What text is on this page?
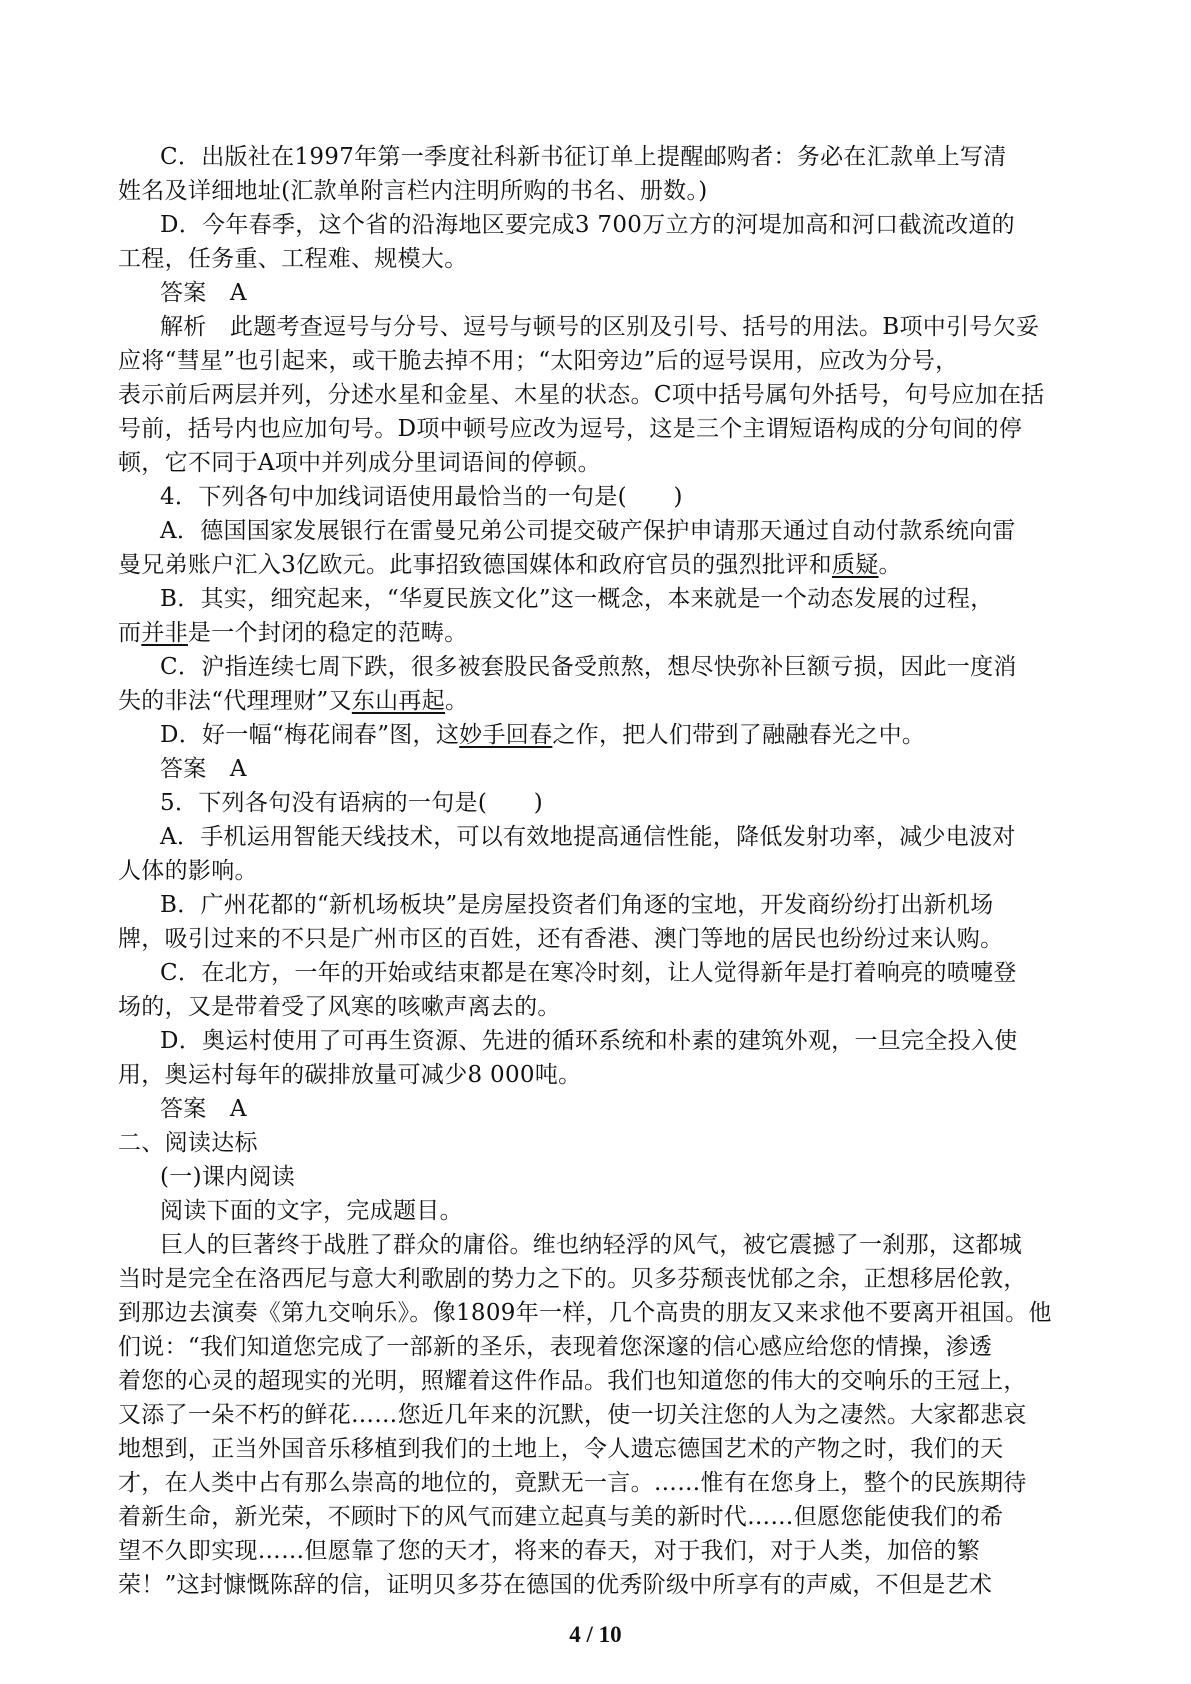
C．出版社在1997年第一季度社科新书征订单上提醒邮购者：务必在汇款单上写清
姓名及详细地址(汇款单附言栏内注明所购的书名、册数。)
D．今年春季，这个省的沿海地区要完成3 700万立方的河堤加高和河口截流改道的
工程，任务重、工程难、规模大。
答案　A
解析　此题考查逗号与分号、逗号与顿号的区别及引号、括号的用法。B项中引号欠妥
应将“彗星”也引起来，或干脆去掉不用；“太阳旁边”后的逗号误用，应改为分号，
表示前后两层并列，分述水星和金星、木星的状态。C项中括号属句外括号，句号应加在括
号前，括号内也应加句号。D项中顿号应改为逗号，这是三个主谓短语构成的分句间的停
顿，它不同于A项中并列成分里词语间的停顿。
4．下列各句中加线词语使用最恰当的一句是(　　)
A．德国国家发展银行在雷曼兄弟公司提交破产保护申请那天通过自动付款系统向雷
曼兄弟账户汇入3亿欧元。此事招致德国媒体和政府官员的强烈批评和质疑。
B．其实，细究起来，“华夏民族文化”这一概念，本来就是一个动态发展的过程，
而并非是一个封闭的稳定的范畴。
C．沪指连续七周下跌，很多被套股民备受煎熬，想尽快弥补巨额亏损，因此一度消
失的非法“代理理财”又东山再起。
D．好一幅“梅花闹春”图，这妙手回春之作，把人们带到了融融春光之中。
答案　A
5．下列各句没有语病的一句是(　　)
A．手机运用智能天线技术，可以有效地提高通信性能，降低发射功率，减少电波对
人体的影响。
B．广州花都的“新机场板块”是房屋投资者们角逐的宝地，开发商纷纷打出新机场
牌，吸引过来的不只是广州市区的百姓，还有香港、澳门等地的居民也纷纷过来认购。
C．在北方，一年的开始或结束都是在寒冷时刻，让人觉得新年是打着响亮的喷嚏登
场的，又是带着受了风寒的咳嗽声离去的。
D．奥运村使用了可再生资源、先进的循环系统和朴素的建筑外观，一旦完全投入使
用，奥运村每年的碳排放量可减少8 000吨。
答案　A
二、阅读达标
(一)课内阅读
阅读下面的文字，完成题目。
巨人的巨著终于战胜了群众的庸俗。维也纳轻浮的风气，被它震撼了一刹那，这都城
当时是完全在洛西尼与意大利歌剧的势力之下的。贝多芬颓丧忧郁之余，正想移居伦敦，
到那边去演奏《第九交响乐》。像1809年一样，几个高贵的朋友又来求他不要离开祖国。他
们说：“我们知道您完成了一部新的圣乐，表现着您深邃的信心感应给您的情操，渗透
着您的心灵的超现实的光明，照耀着这件作品。我们也知道您的伟大的交响乐的王冠上，
又添了一朵不朽的鲜花……您近几年来的沉默，使一切关注您的人为之凄然。大家都悲哀
地想到，正当外国音乐移植到我们的土地上，令人遗忘德国艺术的产物之时，我们的天
才，在人类中占有那么崇高的地位的，竟默无一言。……惟有在您身上，整个的民族期待
着新生命，新光荣，不顾时下的风气而建立起真与美的新时代……但愿您能使我们的希
望不久即实现……但愿靠了您的天才，将来的春天，对于我们，对于人类，加倍的繁
荣！”这封慷慨陈辞的信，证明贝多芬在德国的优秀阶级中所享有的声威，不但是艺术
4 / 10
